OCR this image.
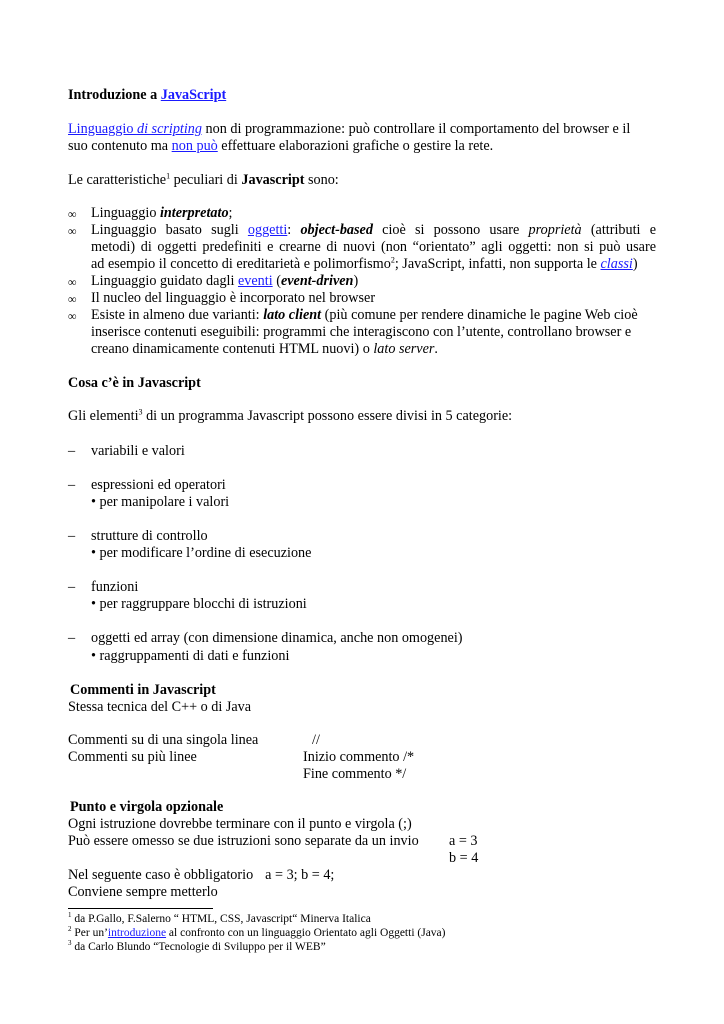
Introduzione a JavaScript
Linguaggio di scripting non di programmazione: può controllare il comportamento del browser e il
suo contenuto ma non può effettuare elaborazioni grafiche o gestire la rete.
Le caratteristiche$^1$ peculiari di Javascript sono:
∞ Linguaggio interpretato;
∞ Linguaggio basato sugli oggetti: object-based cioè si possono usare proprietà (attributi e
metodi) di oggetti predefiniti e crearne di nuovi (non “orientato” agli oggetti: non si può usare
ad esempio il concetto di ereditarietà e polimorfismo$^2$; JavaScript, infatti, non supporta le classi)
∞ Linguaggio guidato dagli eventi (event-driven)
∞ Il nucleo del linguaggio è incorporato nel browser
∞ Esiste in almeno due varianti: lato client (più comune per rendere dinamiche le pagine Web cioè
inserisce contenuti eseguibili: programmi che interagiscono con l’utente, controllano browser e
creano dinamicamente contenuti HTML nuovi) o lato server.
Cosa c’è in Javascript
Gli elementi$^3$ di un programma Javascript possono essere divisi in 5 categorie:
– variabili e valori
– espressioni ed operatori
• per manipolare i valori
– strutture di controllo
• per modificare l’ordine di esecuzione
– funzioni
• per raggruppare blocchi di istruzioni
– oggetti ed array (con dimensione dinamica, anche non omogenei)
• raggruppamenti di dati e funzioni
Commenti in Javascript
Stessa tecnica del C++ o di Java
Commenti su di una singola linea	//
Commenti su più linee	Inizio commento /*
Fine commento */
Punto e virgola opzionale
Ogni istruzione dovrebbe terminare con il punto e virgola (;)
Può essere omesso se due istruzioni sono separate da un invio a = 3
b = 4
Nel seguente caso è obbligatorio a = 3; b = 4;
Conviene sempre metterlo
$^1$ da P.Gallo, F.Salerno “ HTML, CSS, Javascript“ Minerva Italica
$^2$ Per un’introduzione al confronto con un linguaggio Orientato agli Oggetti (Java)
$^3$ da Carlo Blundo “Tecnologie di Sviluppo per il WEB”
